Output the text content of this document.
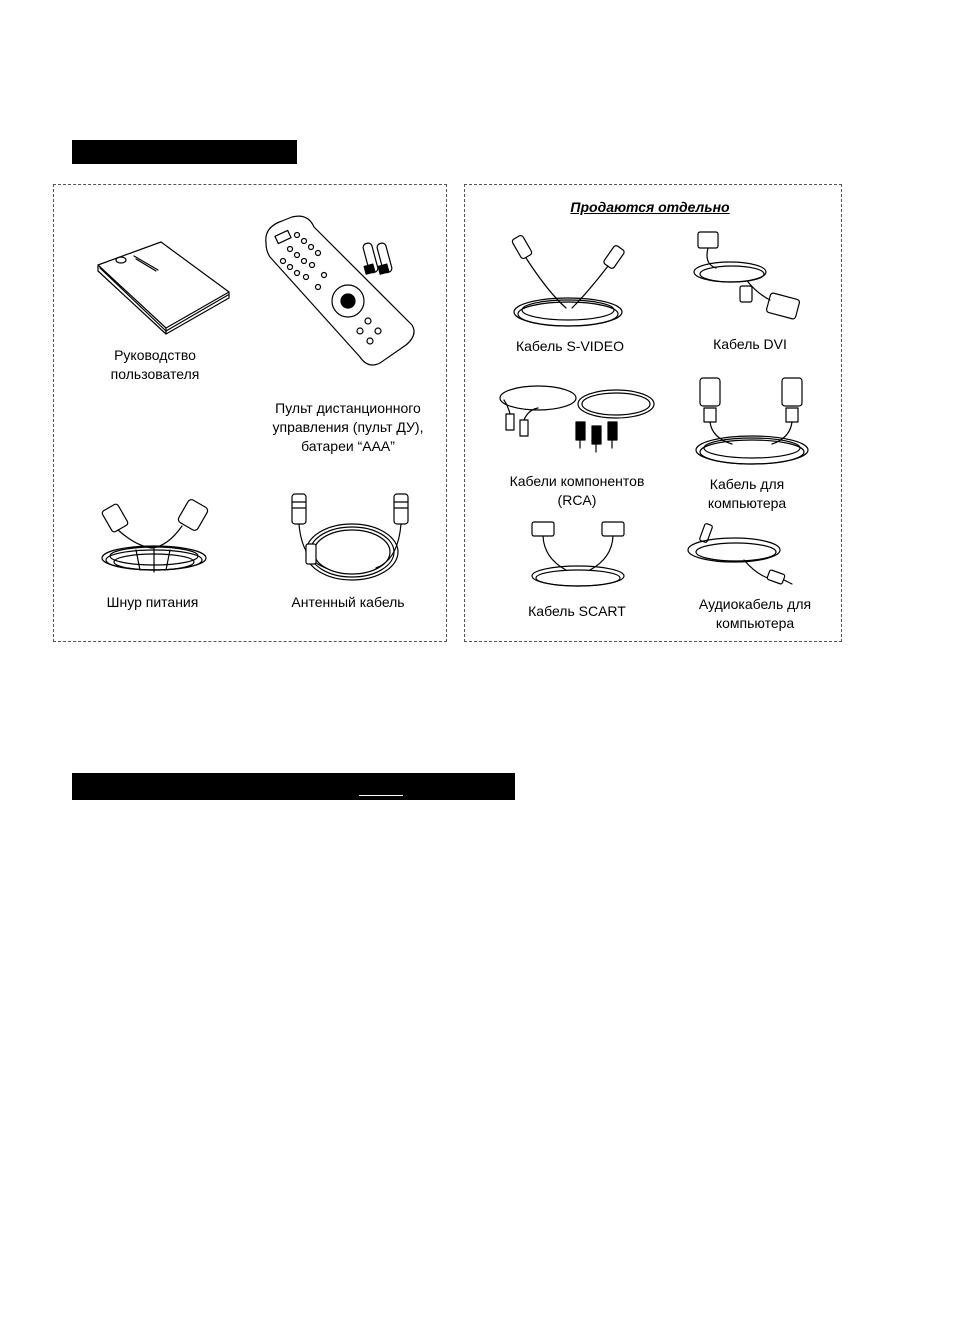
Руководство
пользователя
Пульт дистанционного
управления (пульт ДУ),
батареи “AAA”
Шнур питания	Антенный кабель
Продаются отдельно
Кабель S-VIDEO	Кабель DVI
Кабели компонентов
(RCA)
Кабель для
компьютера
Кабель SCART	Аудиокабель для
компьютера
